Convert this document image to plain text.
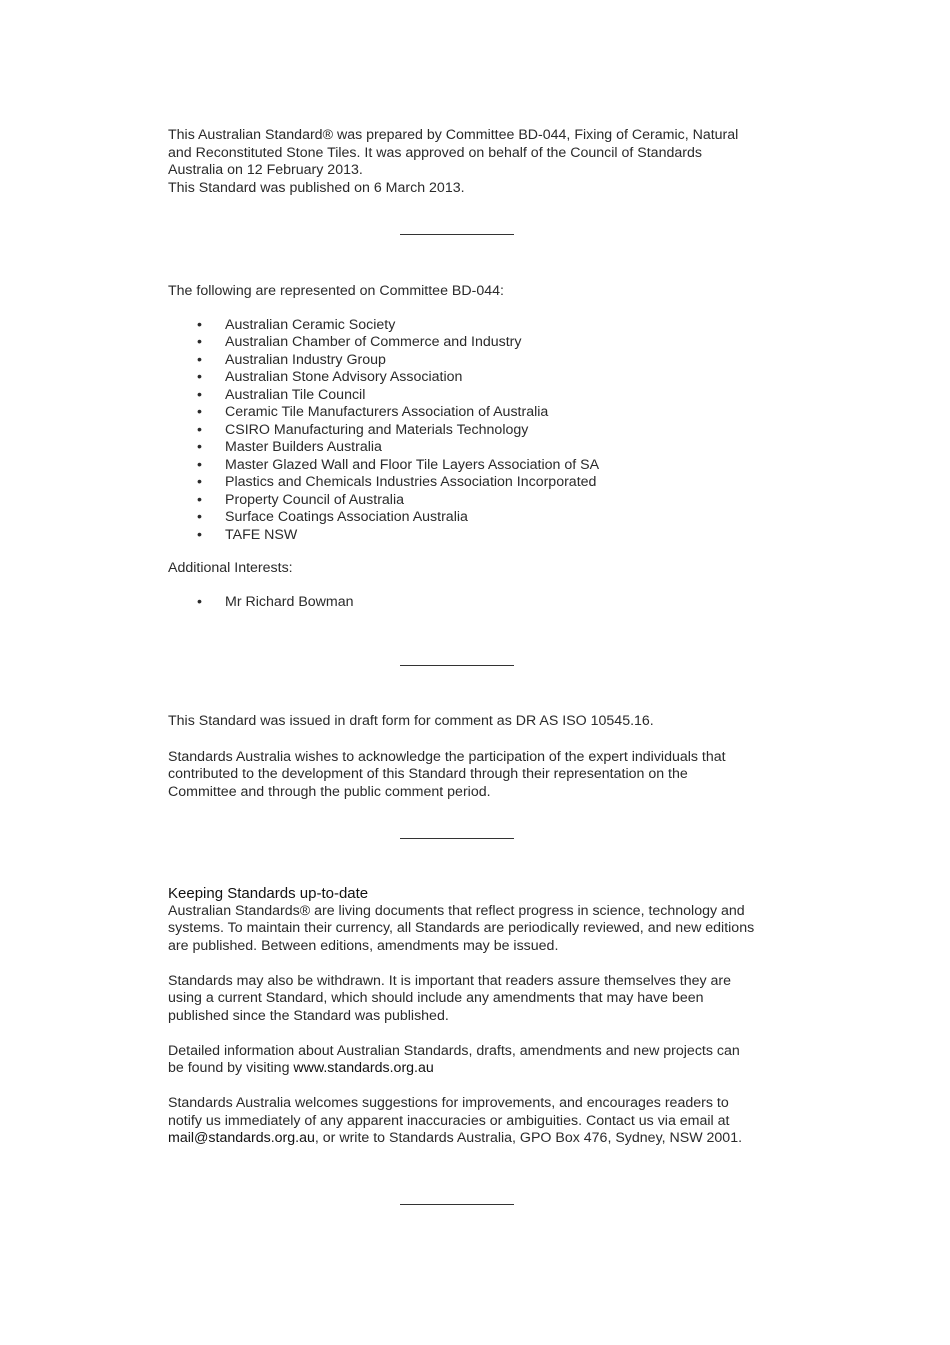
This Australian Standard® was prepared by Committee BD-044, Fixing of Ceramic, Natural

and Reconstituted Stone Tiles. It was approved on behalf of the Council of Standards

Australia on 12 February 2013.

This Standard was published on 6 March 2013.

The following are represented on Committee BD-044:

• Australian Ceramic Society
• Australian Chamber of Commerce and Industry
• Australian Industry Group
• Australian Stone Advisory Association
• Australian Tile Council
• Ceramic Tile Manufacturers Association of Australia
• CSIRO Manufacturing and Materials Technology
• Master Builders Australia
• Master Glazed Wall and Floor Tile Layers Association of SA
• Plastics and Chemicals Industries Association Incorporated
• Property Council of Australia
• Surface Coatings Association Australia
• TAFE NSW

Additional Interests:

• Mr Richard Bowman

This Standard was issued in draft form for comment as DR AS ISO 10545.16.

Standards Australia wishes to acknowledge the participation of the expert individuals that

contributed to the development of this Standard through their representation on the

Committee and through the public comment period.

Keeping Standards up-to-date

Australian Standards® are living documents that reflect progress in science, technology and

systems. To maintain their currency, all Standards are periodically reviewed, and new editions

are published. Between editions, amendments may be issued.

Standards may also be withdrawn. It is important that readers assure themselves they are

using a current Standard, which should include any amendments that may have been

published since the Standard was published.

Detailed information about Australian Standards, drafts, amendments and new projects can

be found by visiting www.standards.org.au

Standards Australia welcomes suggestions for improvements, and encourages readers to

notify us immediately of any apparent inaccuracies or ambiguities. Contact us via email at

mail@standards.org.au, or write to Standards Australia, GPO Box 476, Sydney, NSW 2001.
